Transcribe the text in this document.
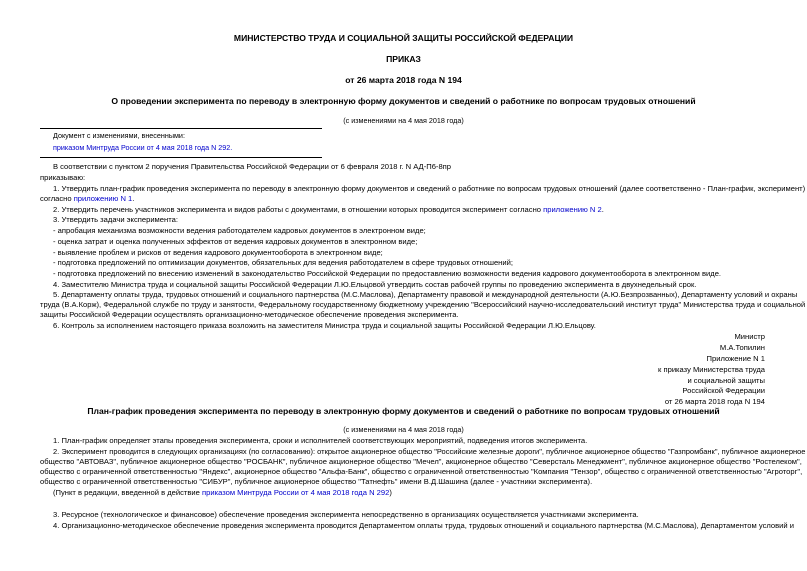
МИНИСТЕРСТВО ТРУДА И СОЦИАЛЬНОЙ ЗАЩИТЫ РОССИЙСКОЙ ФЕДЕРАЦИИ
ПРИКАЗ
от 26 марта 2018 года N 194
О проведении эксперимента по переводу в электронную форму документов и сведений о работнике по вопросам трудовых отношений
(с изменениями на 4 мая 2018 года)
Документ с изменениями, внесенными:
приказом Минтруда России от 4 мая 2018 года N 292.
В соответствии с пунктом 2 поручения Правительства Российской Федерации от 6 февраля 2018 г. N АД-П6-8пр
приказываю:
1. Утвердить план-график проведения эксперимента по переводу в электронную форму документов и сведений о работнике по вопросам трудовых отношений (далее соответственно - План-график, эксперимент)
согласно приложению N 1.
2. Утвердить перечень участников эксперимента и видов работы с документами, в отношении которых проводится эксперимент согласно приложению N 2.
3. Утвердить задачи эксперимента:
- апробация механизма возможности ведения работодателем кадровых документов в электронном виде;
- оценка затрат и оценка полученных эффектов от ведения кадровых документов в электронном виде;
- выявление проблем и рисков от ведения кадрового документооборота в электронном виде;
- подготовка предложений по оптимизации документов, обязательных для ведения работодателем в сфере трудовых отношений;
- подготовка предложений по внесению изменений в законодательство Российской Федерации по предоставлению возможности ведения кадрового документооборота в электронном виде.
4. Заместителю Министра труда и социальной защиты Российской Федерации Л.Ю.Ельцовой утвердить состав рабочей группы по проведению эксперимента в двухнедельный срок.
5. Департаменту оплаты труда, трудовых отношений и социального партнерства (М.С.Маслова), Департаменту правовой и международной деятельности (А.Ю.Безпрозванных), Департаменту условий и охраны
труда (В.А.Корж), Федеральной службе по труду и занятости, Федеральному государственному бюджетному учреждению "Всероссийский научно-исследовательский институт труда" Министерства труда и социальной
защиты Российской Федерации осуществлять организационно-методическое обеспечение проведения эксперимента.
6. Контроль за исполнением настоящего приказа возложить на заместителя Министра труда и социальной защиты Российской Федерации Л.Ю.Ельцову.
Министр
М.А.Топилин
Приложение N 1
к приказу Министерства труда
и социальной защиты
Российской Федерации
от 26 марта 2018 года N 194
План-график проведения эксперимента по переводу в электронную форму документов и сведений о работнике по вопросам трудовых отношений
(с изменениями на 4 мая 2018 года)
1. План-график определяет этапы проведения эксперимента, сроки и исполнителей соответствующих мероприятий, подведения итогов эксперимента.
2. Эксперимент проводится в следующих организациях (по согласованию): открытое акционерное общество "Российские железные дороги", публичное акционерное общество "Газпромбанк", публичное акционерное
общество "АВТОВАЗ", публичное акционерное общество "РОСБАНК", публичное акционерное общество "Мечел", акционерное общество "Северсталь Менеджмент", публичное акционерное общество "Ростелеком",
общество с ограниченной ответственностью "Яндекс", акционерное общество "Альфа-Банк", общество с ограниченной ответственностью "Компания "Тензор", общество с ограниченной ответственностью "Агроторг",
общество с ограниченной ответственностью "СИБУР", публичное акционерное общество "Татнефть" имени В.Д.Шашина (далее - участники эксперимента).
(Пункт в редакции, введенной в действие приказом Минтруда России от 4 мая 2018 года N 292)
3. Ресурсное (технологическое и финансовое) обеспечение проведения эксперимента непосредственно в организациях осуществляется участниками эксперимента.
4. Организационно-методическое обеспечение проведения эксперимента проводится Департаментом оплаты труда, трудовых отношений и социального партнерства (М.С.Маслова), Департаментом условий и
